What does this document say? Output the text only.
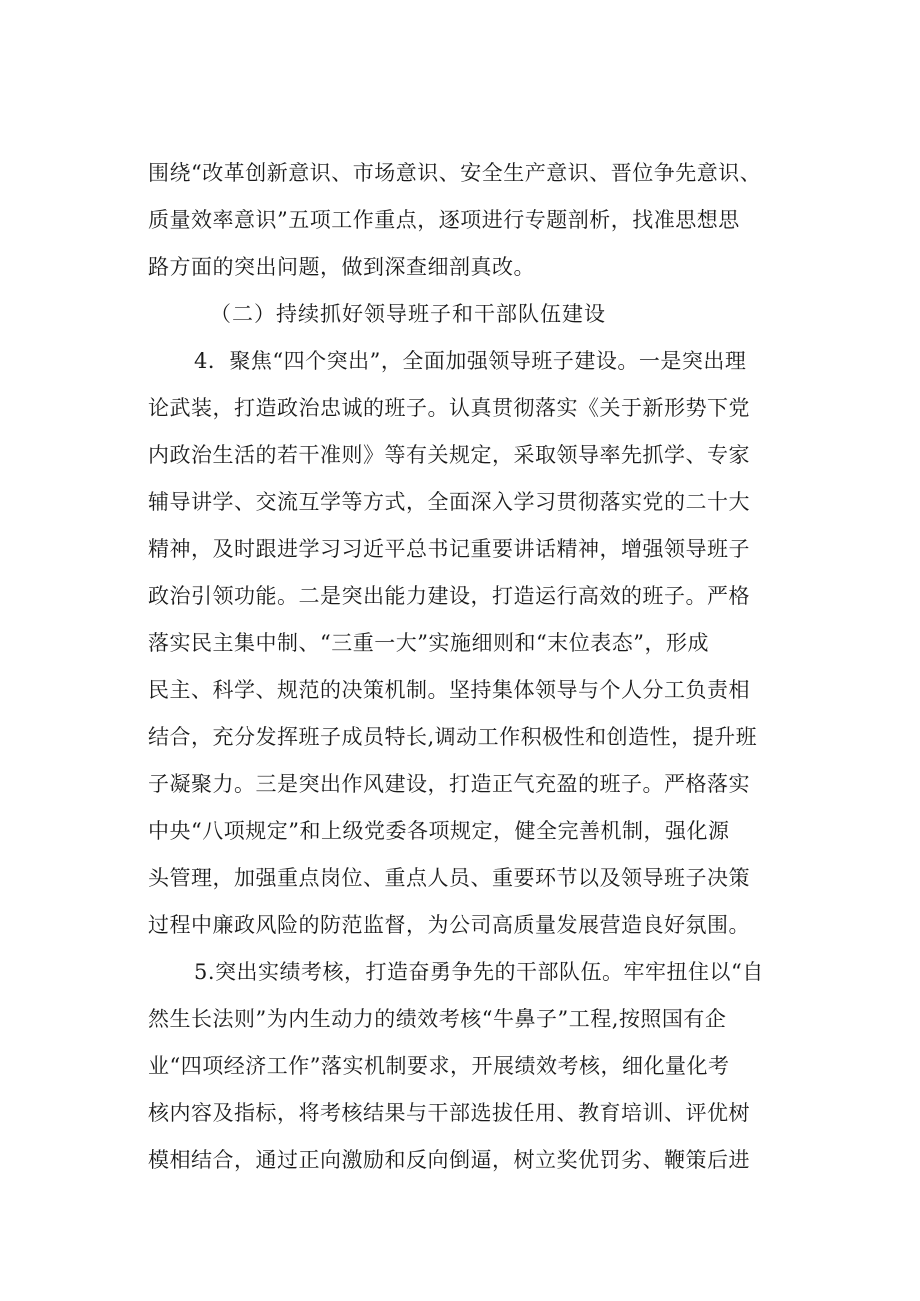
围绕“改革创新意识、市场意识、安全生产意识、晋位争先意识、
质量效率意识”五项工作重点，逐项进行专题剖析，找准思想思
路方面的突出问题，做到深查细剖真改。
（二）持续抓好领导班子和干部队伍建设
4．聚焦“四个突出”，全面加强领导班子建设。一是突出理
论武装，打造政治忠诚的班子。认真贯彻落实《关于新形势下党
内政治生活的若干准则》等有关规定，采取领导率先抓学、专家
辅导讲学、交流互学等方式，全面深入学习贯彻落实党的二十大
精神，及时跟进学习习近平总书记重要讲话精神，增强领导班子
政治引领功能。二是突出能力建设，打造运行高效的班子。严格
落实民主集中制、“三重一大”实施细则和“末位表态”，形成
民主、科学、规范的决策机制。坚持集体领导与个人分工负责相
结合，充分发挥班子成员特长,调动工作积极性和创造性，提升班
子凝聚力。三是突出作风建设，打造正气充盈的班子。严格落实
中央“八项规定”和上级党委各项规定，健全完善机制，强化源
头管理，加强重点岗位、重点人员、重要环节以及领导班子决策
过程中廉政风险的防范监督，为公司高质量发展营造良好氛围。
5.突出实绩考核，打造奋勇争先的干部队伍。牢牢扭住以“自
然生长法则”为内生动力的绩效考核“牛鼻子”工程,按照国有企
业“四项经济工作”落实机制要求，开展绩效考核，细化量化考
核内容及指标，将考核结果与干部选拔任用、教育培训、评优树
模相结合，通过正向激励和反向倒逼，树立奖优罚劣、鞭策后进
